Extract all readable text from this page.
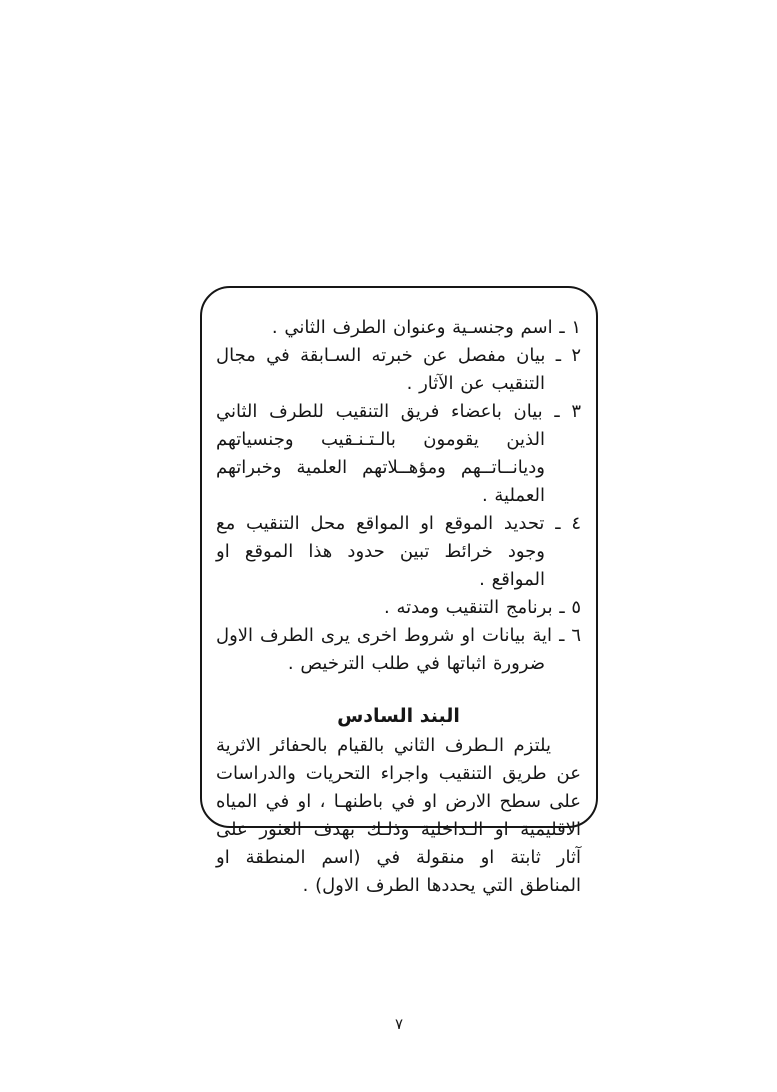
١ ـ اسم وجنسـية وعنوان الطرف الثاني .
٢ ـ بيان مفصل عن خبرته السـابقة في مجال التنقيب عن الآثار .
٣ ـ بيان باعضاء فريق التنقيب للطرف الثاني الذين يقومون بالـتـنـقيب وجنسياتهم وديانــاتــهم ومؤهــلاتهم العلمية وخبراتهم العملية .
٤ ـ تحديد الموقع او المواقع محل التنقيب مع وجود خرائط تبين حدود هذا الموقع او المواقع .
٥ ـ برنامج التنقيب ومدته .
٦ ـ اية بيانات او شروط اخرى يرى الطرف الاول ضرورة اثباتها في طلب الترخيص .
البند السادس
يلتزم الـطرف الثاني بالقيام بالحفائر الاثرية عن طريق التنقيب واجراء التحريات والدراسات على سطح الارض او في باطنهـا ، او في المياه الاقليمية او الـداخلية وذلـك بهدف العثور على آثار ثابتة او منقولة في (اسم المنطقة او المناطق التي يحددها الطرف الاول) .
٧
